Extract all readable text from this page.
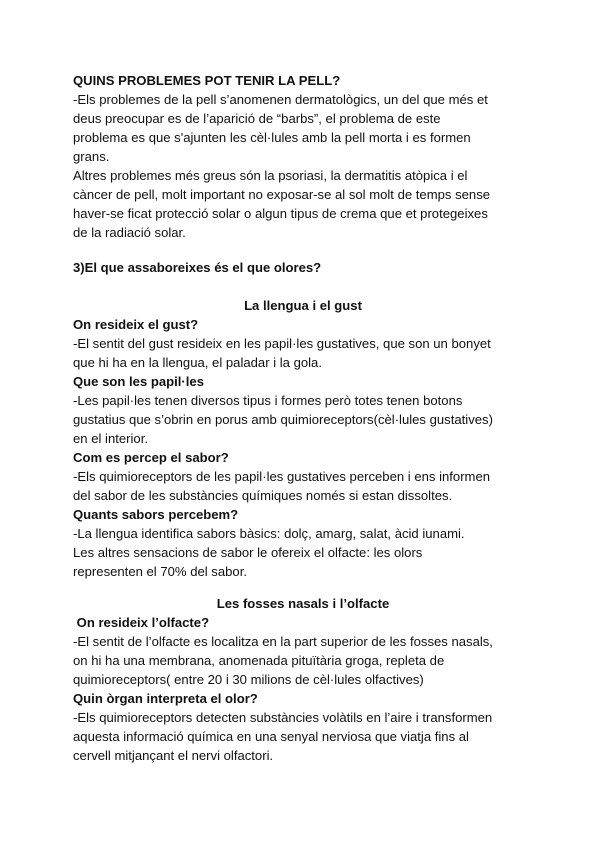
QUINS PROBLEMES POT TENIR LA PELL?

-Els problemes de la pell s’anomenen dermatològics, un del que més et

deus preocupar es de l’aparició de “barbs”, el problema de este

problema es que s'ajunten les cèl·lules amb la pell morta i es formen

grans.

Altres problemes més greus són la psoriasi, la dermatitis atòpica i el

càncer de pell, molt important no exposar-se al sol molt de temps sense

haver-se ficat protecció solar o algun tipus de crema que et protegeixes

de la radiació solar.

3)El que assaboreixes és el que olores?

La llengua i el gust

On resideix el gust?

-El sentit del gust resideix en les papil·les gustatives, que son un bonyet

que hi ha en la llengua, el paladar i la gola.

Que son les papil·les

-Les papil·les tenen diversos tipus i formes però totes tenen botons

gustatius que s’obrin en porus amb quimioreceptors(cèl·lules gustatives)

en el interior.

Com es percep el sabor?

-Els quimioreceptors de les papil·les gustatives perceben i ens informen

del sabor de les substàncies químiques només si estan dissoltes.

Quants sabors percebem?

-La llengua identifica sabors bàsics: dolç, amarg, salat, àcid iunami.

Les altres sensacions de sabor le ofereix el olfacte: les olors

representen el 70% del sabor.

Les fosses nasals i l’olfacte

On resideix l’olfacte?

-El sentit de l’olfacte es localitza en la part superior de les fosses nasals,

on hi ha una membrana, anomenada pituïtària groga, repleta de

quimioreceptors( entre 20 i 30 milions de cèl·lules olfactives)

Quin òrgan interpreta el olor?

-Els quimioreceptors detecten substàncies volàtils en l’aire i transformen

aquesta informació química en una senyal nerviosa que viatja fins al

cervell mitjançant el nervi olfactori.
